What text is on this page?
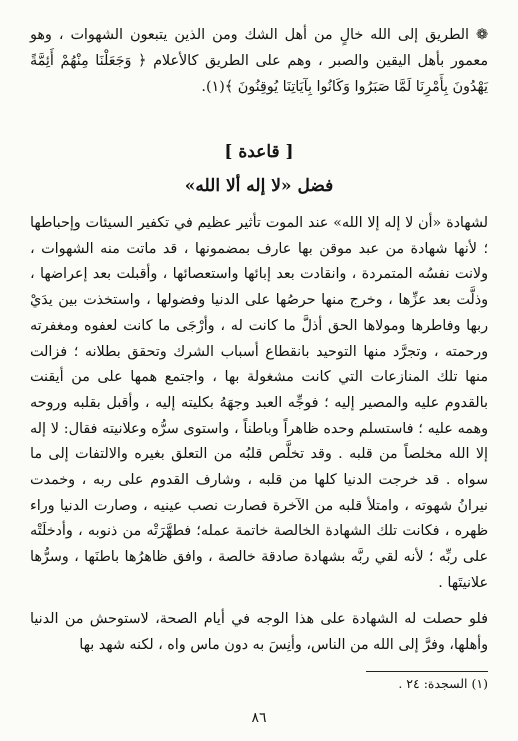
❁ الطريق إلى الله خالٍ من أهل الشك ومن الذين يتبعون الشهوات ، وهو معمور بأهل اليقين والصبر ، وهم على الطريق كالأعلام ﴿ وَجَعَلْنَا مِنْهُمْ أَئِمَّةً يَهْدُونَ بِأَمْرِنَا لَمَّا صَبَرُوا وَكَانُوا بِآيَاتِنَا يُوقِنُونَ ﴾(١).

[ قاعدة ]
فضل «لا إله ألا الله»

لشهادة «أن لا إله إلا الله» عند الموت تأثير عظيم في تكفير السيئات وإحباطها ؛ لأنها شهادة من عبد موقن بها عارف بمضمونها ، قد ماتت منه الشهوات ، ولانت نفسُه المتمردة ، وانقادت بعد إبائها واستعصائها ، وأقبلت بعد إعراضها ، وذلَّت بعد عزِّها ، وخرج منها حرصُها على الدنيا وفضولها ، واستخذت بين يدَيْ ربها وفاطرها ومولاها الحق أذلَّ ما كانت له ، وأرْجَى ما كانت لعفوه ومغفرته ورحمته ، وتجرَّد منها التوحيد بانقطاع أسباب الشرك وتحقق بطلانه ؛ فزالت منها تلك المنازعات التي كانت مشغولة بها ، واجتمع همها على من أيقنت بالقدوم عليه والمصير إليه ؛ فوجِّه العبد وجهَهُ بكليته إليه ، وأقبل بقلبه وروحه وهمه عليه ؛ فاستسلم وحده ظاهراً وباطناً ، واستوى سرُّه وعلانيته فقال: لا إله إلا الله مخلصاً من قلبه . وقد تخلَّص قلبُه من التعلق بغيره والالتفات إلى ما سواه . قد خرجت الدنيا كلها من قلبه ، وشارف القدوم على ربه ، وخمدت نيرانُ شهوته ، وامتلأ قلبه من الآخرة فصارت نصب عينيه ، وصارت الدنيا وراء ظهره ، فكانت تلك الشهادة الخالصة خاتمة عمله؛ فطهَّرَتْه من ذنوبه ، وأدخلَتْه على ربِّه ؛ لأنه لقي ربَّه بشهادة صادقة خالصة ، وافق ظاهرُها باطنَها ، وسرُّها علانيتَها .

فلو حصلت له الشهادة على هذا الوجه في أيام الصحة، لاستوحش من الدنيا وأهلها، وفرَّ إلى الله من الناس، وأنِسَ به دون ماس واه ، لكنه شهد بها

(١) السجدة: ٢٤ .

٨٦
